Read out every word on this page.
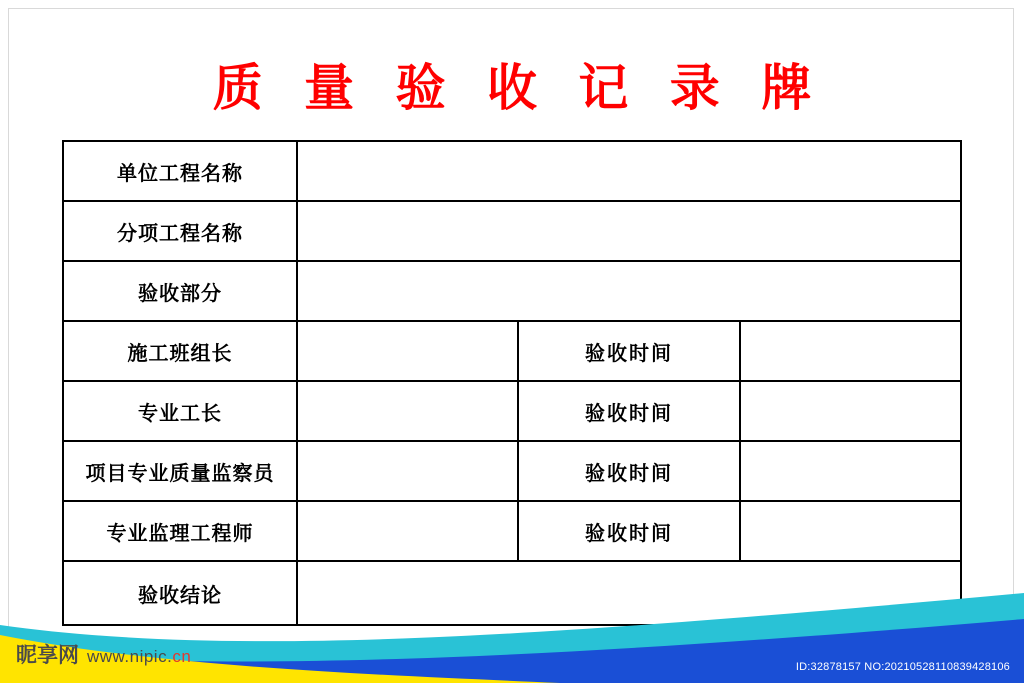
质 量 验 收 记 录 牌
单位工程名称			
分项工程名称			
验收部分			
施工班组长		验收时间	
专业工长		验收时间	
项目专业质量监察员		验收时间	
专业监理工程师		验收时间	
验收结论			
昵享网 www.nipic.cn
ID:32878157 NO:20210528110839428106
